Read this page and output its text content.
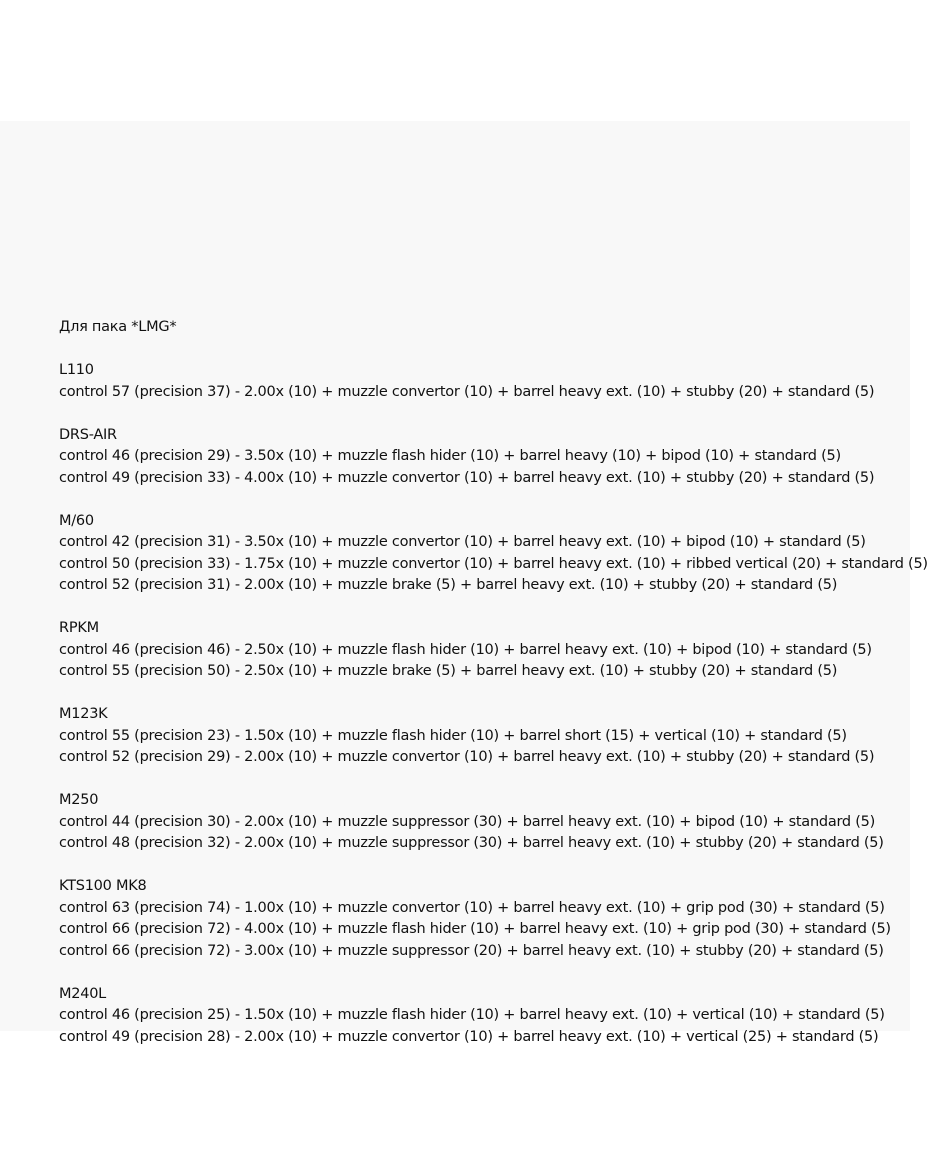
Для пака *LMG*
L110
control 57 (precision 37) - 2.00x (10) + muzzle convertor (10) + barrel heavy ext. (10) + stubby (20) + standard (5)
DRS-AIR
control 46 (precision 29) - 3.50x (10) + muzzle flash hider (10) + barrel heavy (10) + bipod (10) + standard (5)
control 49 (precision 33) - 4.00x (10) + muzzle convertor (10) + barrel heavy ext. (10) + stubby (20) + standard (5)
M/60
control 42 (precision 31) - 3.50x (10) + muzzle convertor (10) + barrel heavy ext. (10) + bipod (10) + standard (5)
control 50 (precision 33) - 1.75x (10) + muzzle convertor (10) + barrel heavy ext. (10) + ribbed vertical (20) + standard (5)
control 52 (precision 31) - 2.00x (10) + muzzle brake (5) + barrel heavy ext. (10) + stubby (20) + standard (5)
RPKM
control 46 (precision 46) - 2.50x (10) + muzzle flash hider (10) + barrel heavy ext. (10) + bipod (10) + standard (5)
control 55 (precision 50) - 2.50x (10) + muzzle brake (5) + barrel heavy ext. (10) + stubby (20) + standard (5)
M123K
control 55 (precision 23) - 1.50x (10) + muzzle flash hider (10) + barrel short (15) + vertical (10) + standard (5)
control 52 (precision 29) - 2.00x (10) + muzzle convertor (10) + barrel heavy ext. (10) + stubby (20) + standard (5)
M250
control 44 (precision 30) - 2.00x (10) + muzzle suppressor (30) + barrel heavy ext. (10) + bipod (10) + standard (5)
control 48 (precision 32) - 2.00x (10) + muzzle suppressor (30) + barrel heavy ext. (10) + stubby (20) + standard (5)
KTS100 MK8
control 63 (precision 74) - 1.00x (10) + muzzle convertor (10) + barrel heavy ext. (10) + grip pod (30) + standard (5)
control 66 (precision 72) - 4.00x (10) + muzzle flash hider (10) + barrel heavy ext. (10) + grip pod (30) + standard (5)
control 66 (precision 72) - 3.00x (10) + muzzle suppressor (20) + barrel heavy ext. (10) + stubby (20) + standard (5)
M240L
control 46 (precision 25) - 1.50x (10) + muzzle flash hider (10) + barrel heavy ext. (10) + vertical (10) + standard (5)
control 49 (precision 28) - 2.00x (10) + muzzle convertor (10) + barrel heavy ext. (10) + vertical (25) + standard (5)
